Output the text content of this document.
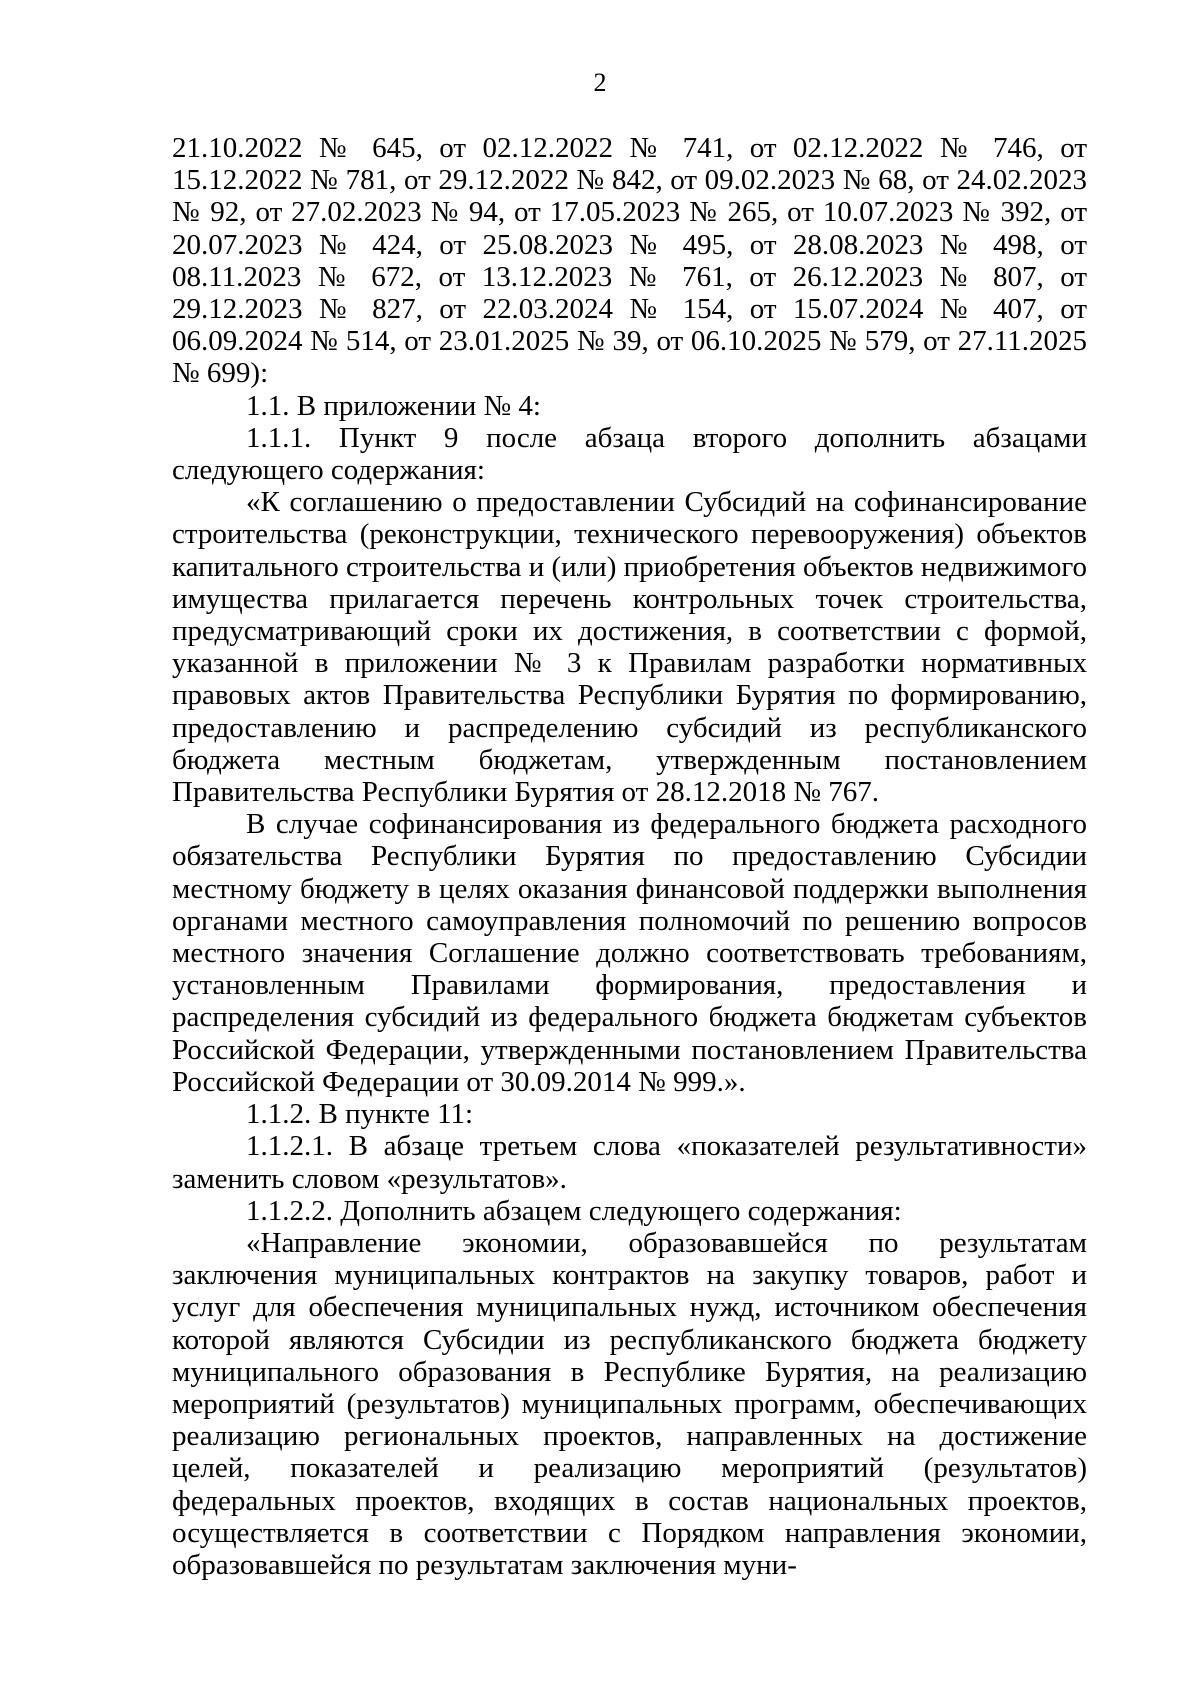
2

21.10.2022 № 645, от 02.12.2022 № 741, от 02.12.2022 № 746, от
15.12.2022 № 781, от 29.12.2022 № 842, от 09.02.2023 № 68, от 24.02.2023
№ 92, от 27.02.2023 № 94, от 17.05.2023 № 265, от 10.07.2023 № 392, от
20.07.2023 № 424, от 25.08.2023 № 495, от 28.08.2023 № 498, от
08.11.2023 № 672, от 13.12.2023 № 761, от 26.12.2023 № 807, от
29.12.2023 № 827, от 22.03.2024 № 154, от 15.07.2024 № 407, от
06.09.2024 № 514, от 23.01.2025 № 39, от 06.10.2025 № 579, от 27.11.2025
№ 699):

1.1. В приложении № 4:

1.1.1. Пункт 9 после абзаца второго дополнить абзацами следующего содержания:

«К соглашению о предоставлении Субсидий на софинансирование строительства (реконструкции, технического перевооружения) объектов капитального строительства и (или) приобретения объектов недвижимого имущества прилагается перечень контрольных точек строительства, предусматривающий сроки их достижения, в соответствии с формой, указанной в приложении № 3 к Правилам разработки нормативных правовых актов Правительства Республики Бурятия по формированию, предоставлению и распределению субсидий из республиканского бюджета местным бюджетам, утвержденным постановлением Правительства Республики Бурятия от 28.12.2018 № 767.

В случае софинансирования из федерального бюджета расходного обязательства Республики Бурятия по предоставлению Субсидии местному бюджету в целях оказания финансовой поддержки выполнения органами местного самоуправления полномочий по решению вопросов местного значения Соглашение должно соответствовать требованиям, установленным Правилами формирования, предоставления и распределения субсидий из федерального бюджета бюджетам субъектов Российской Федерации, утвержденными постановлением Правительства Российской Федерации от 30.09.2014 № 999.».

1.1.2. В пункте 11:

1.1.2.1. В абзаце третьем слова «показателей результативности» заменить словом «результатов».

1.1.2.2. Дополнить абзацем следующего содержания:

«Направление экономии, образовавшейся по результатам заключения муниципальных контрактов на закупку товаров, работ и услуг для обеспечения муниципальных нужд, источником обеспечения которой являются Субсидии из республиканского бюджета бюджету муниципального образования в Республике Бурятия, на реализацию мероприятий (результатов) муниципальных программ, обеспечивающих реализацию региональных проектов, направленных на достижение целей, показателей и реализацию мероприятий (результатов) федеральных проектов, входящих в состав национальных проектов, осуществляется в соответствии с Порядком направления экономии, образовавшейся по результатам заключения муни-
